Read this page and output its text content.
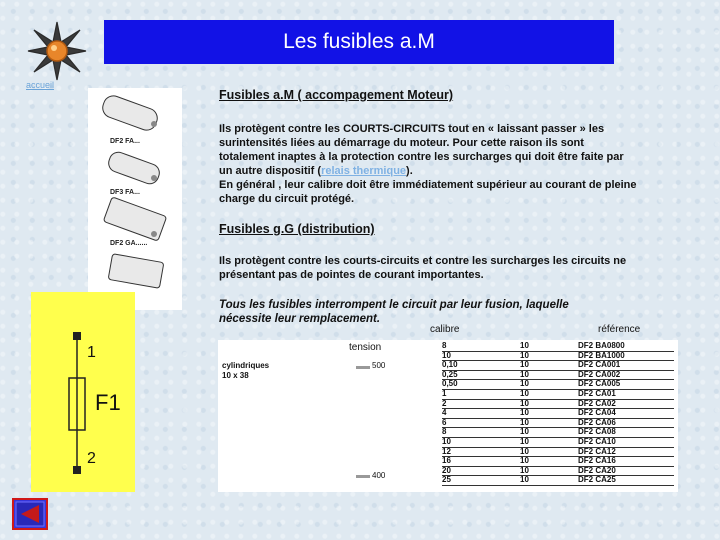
accueil
Les fusibles a.M
DF2 FA...
DF3 FA...
DF2 GA......
Fusibles a.M ( accompagement Moteur)
Ils protègent contre les COURTS-CIRCUITS tout en « laissant passer » les surintensités liées au démarrage du moteur. Pour cette raison ils sont totalement inaptes à la protection contre les surcharges qui doit être faite par un autre dispositif (relais thermique).
En général , leur calibre doit être immédiatement supérieur au courant de pleine charge du circuit protégé.
Fusibles g.G (distribution)
Ils protègent contre les courts-circuits et contre les surcharges les circuits ne présentant pas de pointes de courant importantes.
Tous les fusibles interrompent le circuit par leur fusion, laquelle nécessite leur remplacement.
1
F1
2
calibre	référence
tension
cylindriques
10 x 38
500
400
8	10	DF2 BA0800
10	10	DF2 BA1000
0,10	10	DF2 CA001
0,25	10	DF2 CA002
0,50	10	DF2 CA005
1	10	DF2 CA01
2	10	DF2 CA02
4	10	DF2 CA04
6	10	DF2 CA06
8	10	DF2 CA08
10	10	DF2 CA10
12	10	DF2 CA12
16	10	DF2 CA16
20	10	DF2 CA20
25	10	DF2 CA25
